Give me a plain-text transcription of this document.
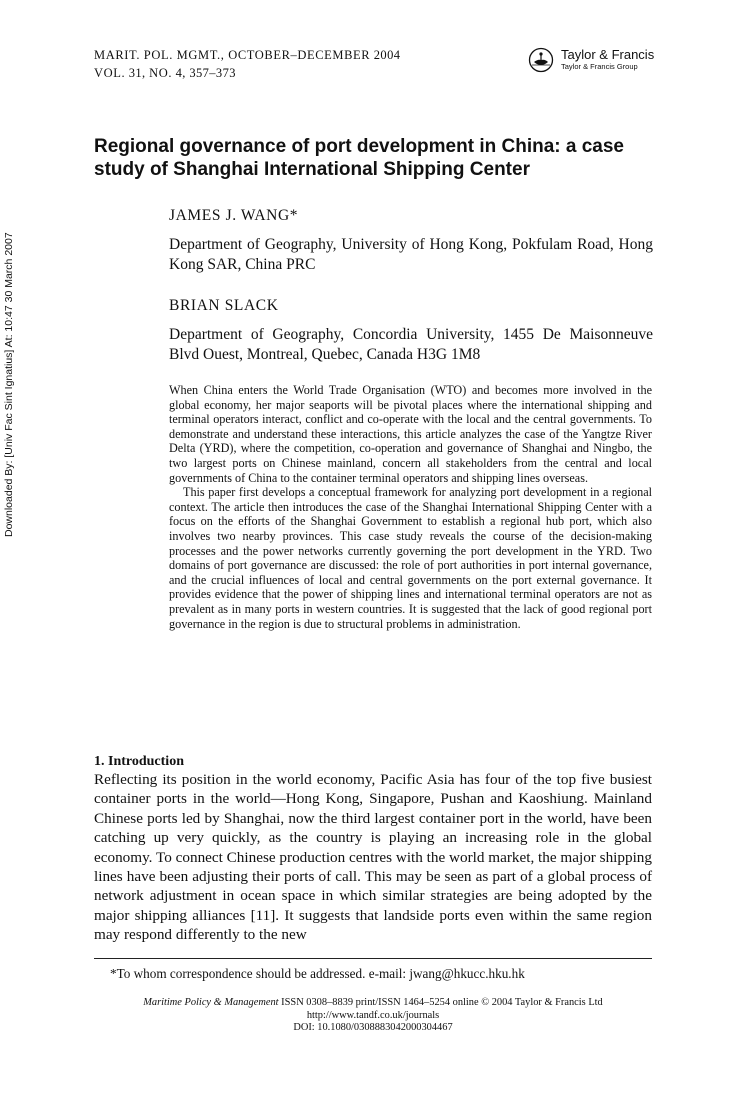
Downloaded By: [Univ Fac Sint Ignatius] At: 10:47 30 March 2007
MARIT. POL. MGMT., OCTOBER–DECEMBER 2004
VOL. 31, NO. 4, 357–373
Taylor & Francis
Taylor & Francis Group
Regional governance of port development in China: a case study of Shanghai International Shipping Center
JAMES J. WANG*
Department of Geography, University of Hong Kong, Pokfulam Road, Hong Kong SAR, China PRC
BRIAN SLACK
Department of Geography, Concordia University, 1455 De Maisonneuve Blvd Ouest, Montreal, Quebec, Canada H3G 1M8

When China enters the World Trade Organisation (WTO) and becomes more involved in the global economy, her major seaports will be pivotal places where the international shipping and terminal operators interact, conflict and co-operate with the local and the central governments. To demonstrate and understand these interactions, this article analyzes the case of the Yangtze River Delta (YRD), where the competition, co-operation and governance of Shanghai and Ningbo, the two largest ports on Chinese mainland, concern all stakeholders from the central and local governments of China to the container terminal operators and shipping lines overseas.

This paper first develops a conceptual framework for analyzing port development in a regional context. The article then introduces the case of the Shanghai International Shipping Center with a focus on the efforts of the Shanghai Government to establish a regional hub port, which also involves two nearby provinces. This case study reveals the course of the decision-making processes and the power networks currently governing the port development in the YRD. Two domains of port governance are discussed: the role of port authorities in port internal governance, and the crucial influences of local and central governments on the port external governance. It provides evidence that the power of shipping lines and international terminal operators are not as prevalent as in many ports in western countries. It is suggested that the lack of good regional port governance in the region is due to structural problems in administration.

1. Introduction

Reflecting its position in the world economy, Pacific Asia has four of the top five busiest container ports in the world—Hong Kong, Singapore, Pushan and Kaoshiung. Mainland Chinese ports led by Shanghai, now the third largest container port in the world, have been catching up very quickly, as the country is playing an increasing role in the global economy. To connect Chinese production centres with the world market, the major shipping lines have been adjusting their ports of call. This may be seen as part of a global process of network adjustment in ocean space in which similar strategies are being adopted by the major shipping alliances [11]. It suggests that landside ports even within the same region may respond differently to the new

*To whom correspondence should be addressed. e-mail: jwang@hkucc.hku.hk
Maritime Policy & Management ISSN 0308–8839 print/ISSN 1464–5254 online © 2004 Taylor & Francis Ltd
http://www.tandf.co.uk/journals
DOI: 10.1080/0308883042000304467
